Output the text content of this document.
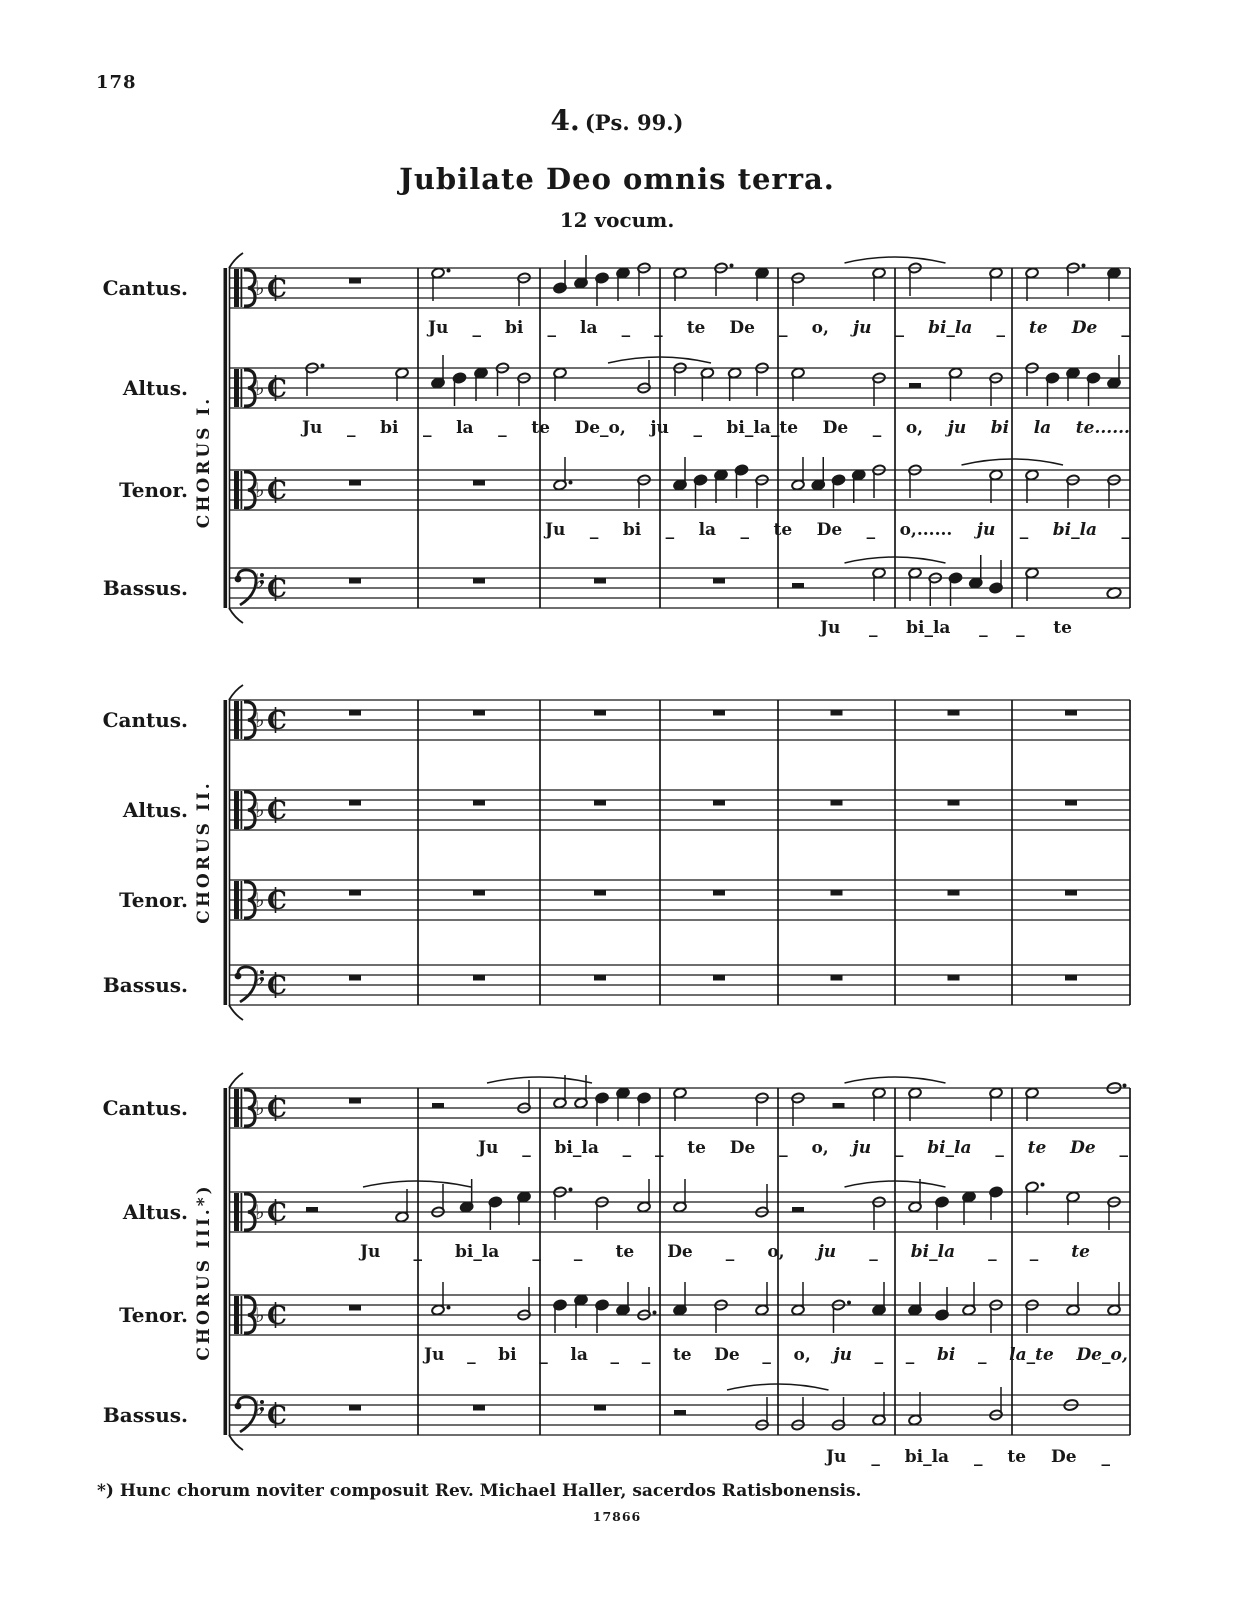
178
4. (Ps. 99.)
Jubilate Deo omnis terra.
12 vocum.
♭ C
♭ C
♭ C
♭ C
♭ C
♭ C
♭ C
♭ C
♭ C
♭ C
♭ C
♭ C
CHORUS I.
Cantus.
Ju _ bi _ la _ _ te De _ o, ju _ bi_la _ te De _
Altus.
Ju _ bi _ la _ te De_o, ju _ bi_la_te De _ o, ju bi la te......
Tenor.
Ju _ bi _ la _ te De _ o,...... ju _ bi_la _
Bassus.
Ju _ bi_la _ _ te
CHORUS II.
Cantus.
Altus.
Tenor.
Bassus.
CHORUS III.*)
Cantus.
Ju _ bi_la _ _ te De _ o, ju _ bi_la _ te De _
Altus.
Ju _ bi_la _ _ te De _ o, ju _ bi_la _ _ te
Tenor.
Ju _ bi _ la _ _ te De _ o, ju _ _ bi _ la_te De_o,
Bassus.
Ju _ bi_la _ te De _
*) Hunc chorum noviter composuit Rev. Michael Haller, sacerdos Ratisbonensis.
17866
